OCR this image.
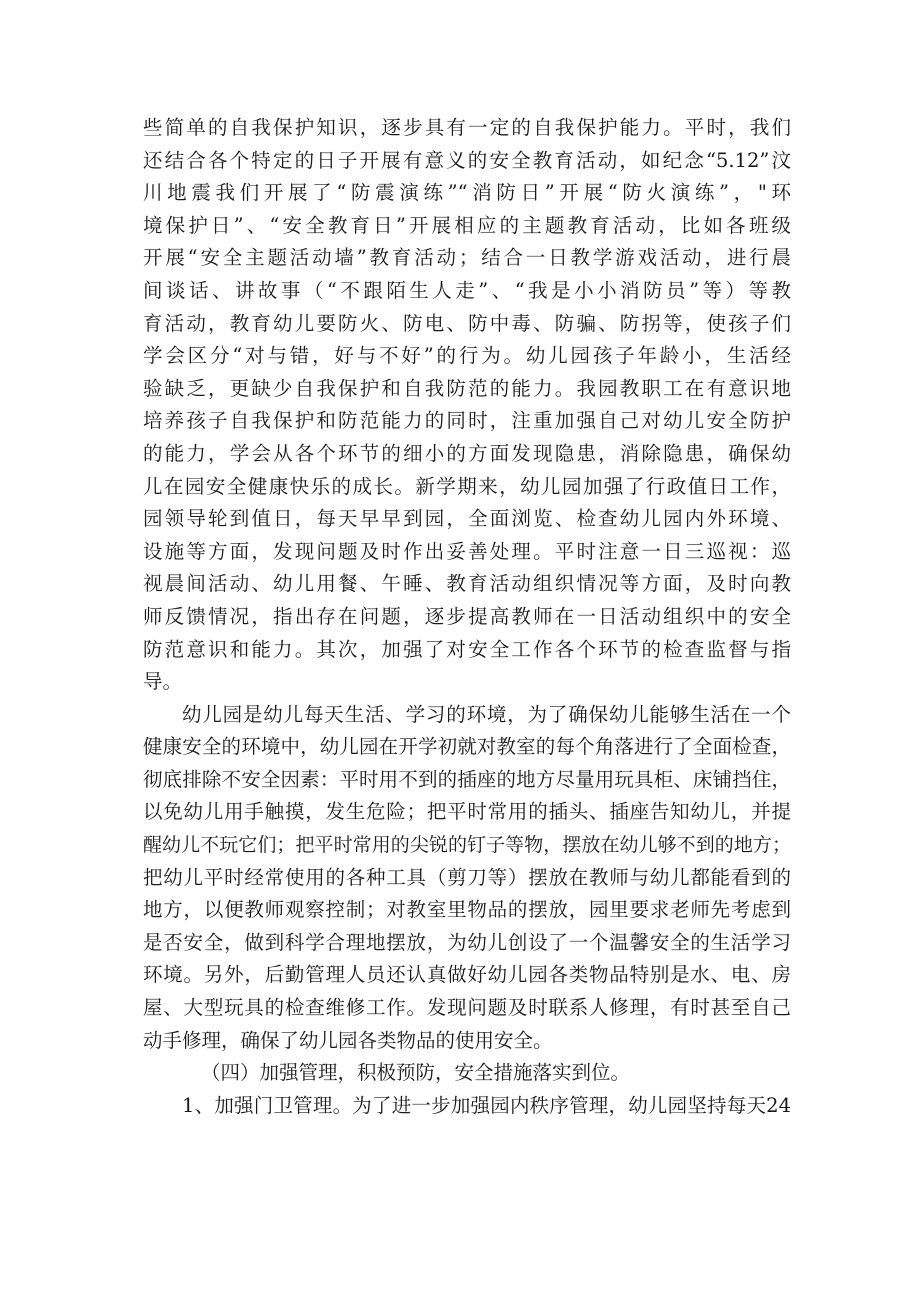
些简单的自我保护知识，逐步具有一定的自我保护能力。平时，我们
还结合各个特定的日子开展有意义的安全教育活动，如纪念“5.12”汶
川地震我们开展了“防震演练”“消防日”开展“防火演练”，"环
境保护日”、“安全教育日”开展相应的主题教育活动，比如各班级
开展“安全主题活动墙”教育活动；结合一日教学游戏活动，进行晨
间谈话、讲故事（“不跟陌生人走”、“我是小小消防员”等）等教
育活动，教育幼儿要防火、防电、防中毒、防骗、防拐等，使孩子们
学会区分“对与错，好与不好”的行为。幼儿园孩子年龄小，生活经
验缺乏，更缺少自我保护和自我防范的能力。我园教职工在有意识地
培养孩子自我保护和防范能力的同时，注重加强自己对幼儿安全防护
的能力，学会从各个环节的细小的方面发现隐患，消除隐患，确保幼
儿在园安全健康快乐的成长。新学期来，幼儿园加强了行政值日工作，
园领导轮到值日，每天早早到园，全面浏览、检查幼儿园内外环境、
设施等方面，发现问题及时作出妥善处理。平时注意一日三巡视：巡
视晨间活动、幼儿用餐、午睡、教育活动组织情况等方面，及时向教
师反馈情况，指出存在问题，逐步提高教师在一日活动组织中的安全
防范意识和能力。其次，加强了对安全工作各个环节的检查监督与指
导。
幼儿园是幼儿每天生活、学习的环境，为了确保幼儿能够生活在一个
健康安全的环境中，幼儿园在开学初就对教室的每个角落进行了全面检查，
彻底排除不安全因素：平时用不到的插座的地方尽量用玩具柜、床铺挡住，
以免幼儿用手触摸，发生危险；把平时常用的插头、插座告知幼儿，并提
醒幼儿不玩它们；把平时常用的尖锐的钉子等物，摆放在幼儿够不到的地方；
把幼儿平时经常使用的各种工具（剪刀等）摆放在教师与幼儿都能看到的
地方，以便教师观察控制；对教室里物品的摆放，园里要求老师先考虑到
是否安全，做到科学合理地摆放，为幼儿创设了一个温馨安全的生活学习
环境。另外，后勤管理人员还认真做好幼儿园各类物品特别是水、电、房
屋、大型玩具的检查维修工作。发现问题及时联系人修理，有时甚至自己
动手修理，确保了幼儿园各类物品的使用安全。
（四）加强管理，积极预防，安全措施落实到位。
1、加强门卫管理。为了进一步加强园内秩序管理，幼儿园坚持每天24
